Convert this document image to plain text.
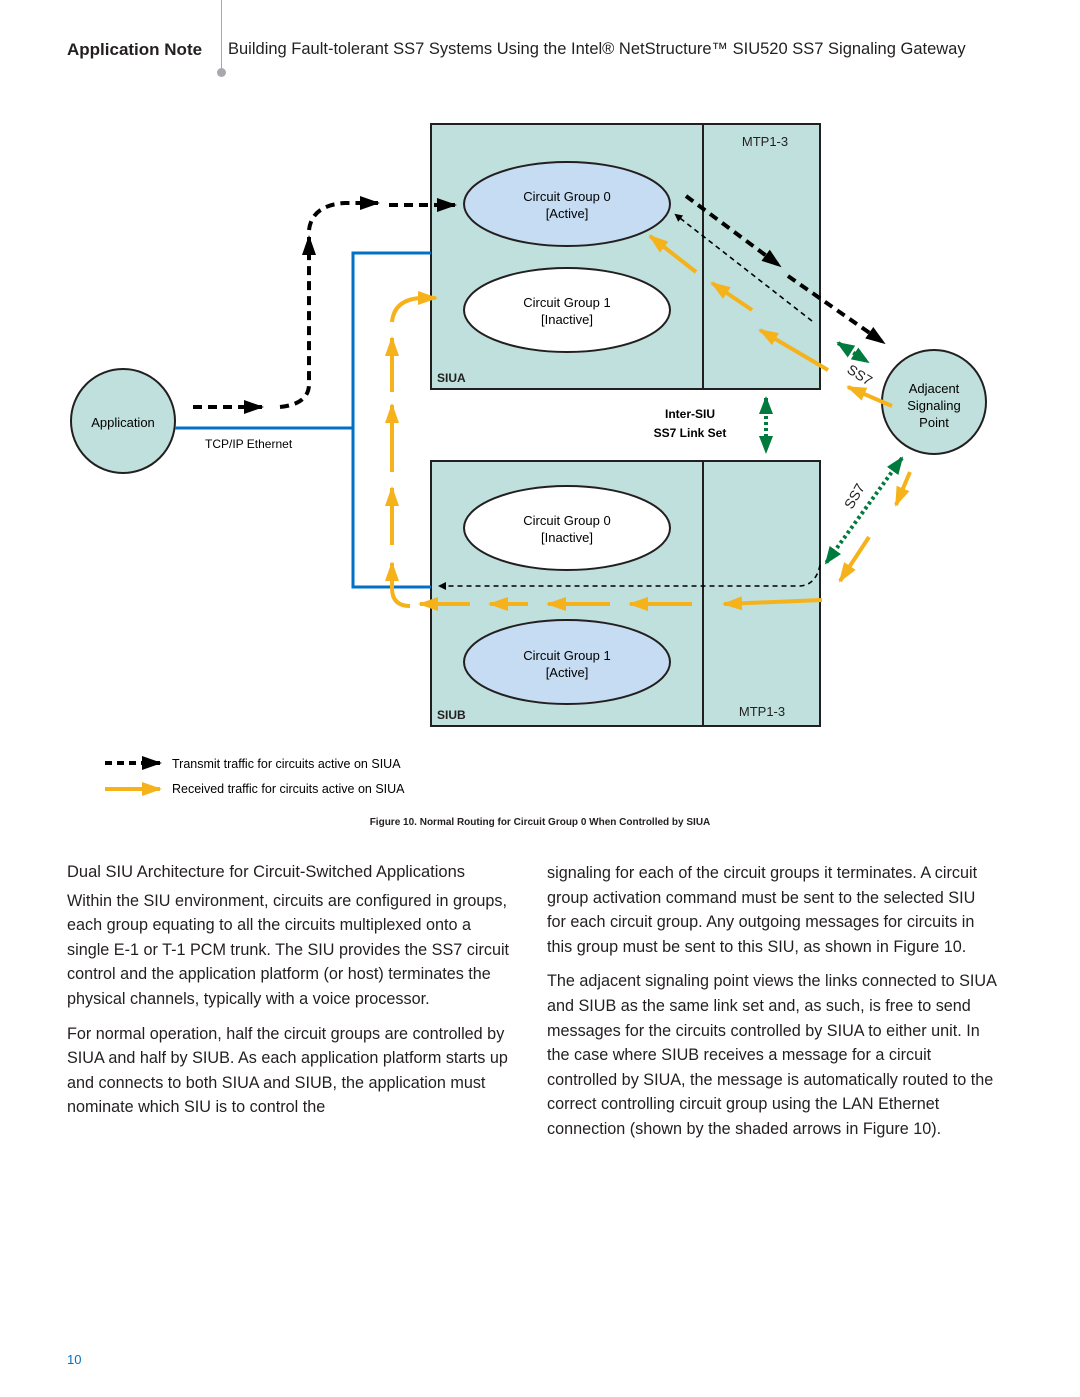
Application Note Building Fault-tolerant SS7 Systems Using the Intel® NetStructure™ SIU520 SS7 Signaling Gateway
MTP1-3
SIUA
MTP1-3
SIUB
Circuit Group 0
[Active]
Circuit Group 1
[Inactive]
Circuit Group 0
[Inactive]
Circuit Group 1
[Active]
Application
Adjacent
Signaling
Point
TCP/IP Ethernet
SS7
SS7
Inter-SIU
SS7 Link Set
Transmit traffic for circuits active on SIUA
Received traffic for circuits active on SIUA
Figure 10. Normal Routing for Circuit Group 0 When Controlled by SIUA
Dual SIU Architecture for Circuit-Switched Applications

Within the SIU environment, circuits are configured in groups, each group equating to all the circuits multiplexed onto a single E-1 or T-1 PCM trunk. The SIU provides the SS7 circuit control and the application platform (or host) terminates the physical channels, typically with a voice processor.

For normal operation, half the circuit groups are controlled by SIUA and half by SIUB. As each application platform starts up and connects to both SIUA and SIUB, the application must nominate which SIU is to control the

signaling for each of the circuit groups it terminates. A circuit group activation command must be sent to the selected SIU for each circuit group. Any outgoing messages for circuits in this group must be sent to this SIU, as shown in Figure 10.

The adjacent signaling point views the links connected to SIUA and SIUB as the same link set and, as such, is free to send messages for the circuits controlled by SIUA to either unit. In the case where SIUB receives a message for a circuit controlled by SIUA, the message is automatically routed to the correct controlling circuit group using the LAN Ethernet connection (shown by the shaded arrows in Figure 10).

10
